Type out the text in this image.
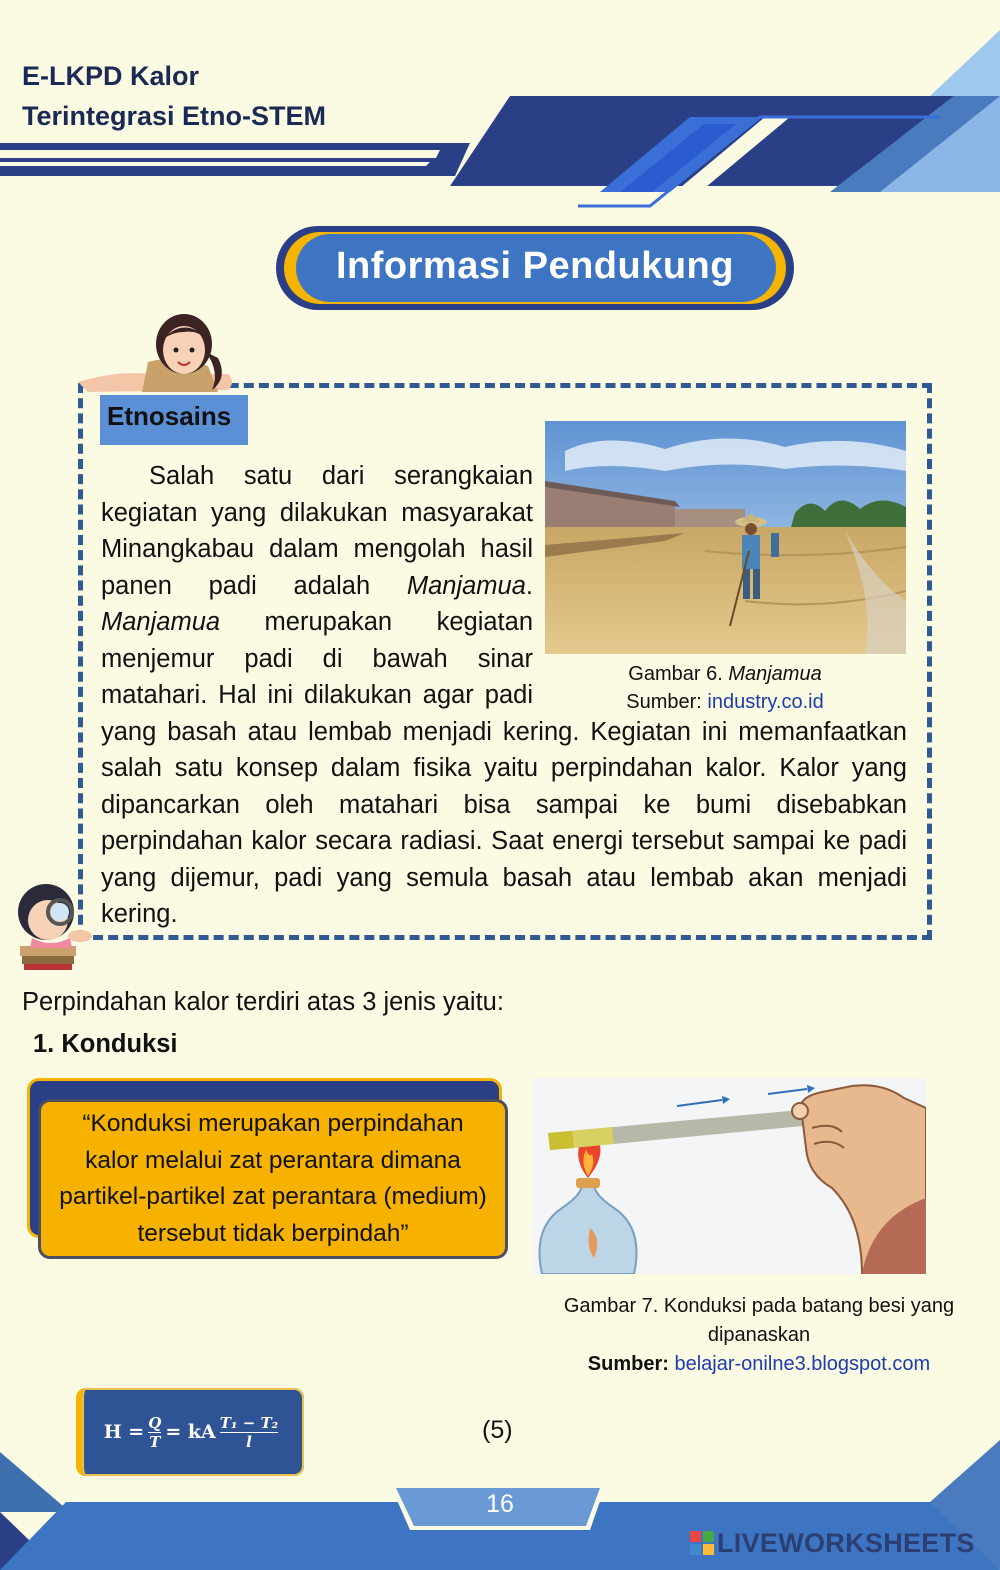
E-LKPD Kalor
Terintegrasi Etno-STEM
Informasi Pendukung
Etnosains
Gambar 6. Manjamua
Sumber: industry.co.id

Salah satu dari serangkaian kegiatan yang dilakukan masyarakat Minangkabau dalam mengolah hasil panen padi adalah Manjamua. Manjamua merupakan kegiatan menjemur padi di bawah sinar matahari. Hal ini dilakukan agar padi yang basah atau lembab menjadi kering. Kegiatan ini memanfaatkan salah satu konsep dalam fisika yaitu perpindahan kalor. Kalor yang dipancarkan oleh matahari bisa sampai ke bumi disebabkan perpindahan kalor secara radiasi. Saat energi tersebut sampai ke padi yang dijemur, padi yang semula basah atau lembab akan menjadi kering.

Perpindahan kalor terdiri atas 3 jenis yaitu:
1. Konduksi
“Konduksi merupakan perpindahan kalor melalui zat perantara dimana partikel-partikel zat perantara (medium) tersebut tidak berpindah”
Gambar 7. Konduksi pada batang besi yang dipanaskan
Sumber: belajar-onilne3.blogspot.com
$H = \frac{Q}{T}$ = kA $\frac{\text{T₁ − T₂}}{l}$	(5)
16
LIVEWORKSHEETS
